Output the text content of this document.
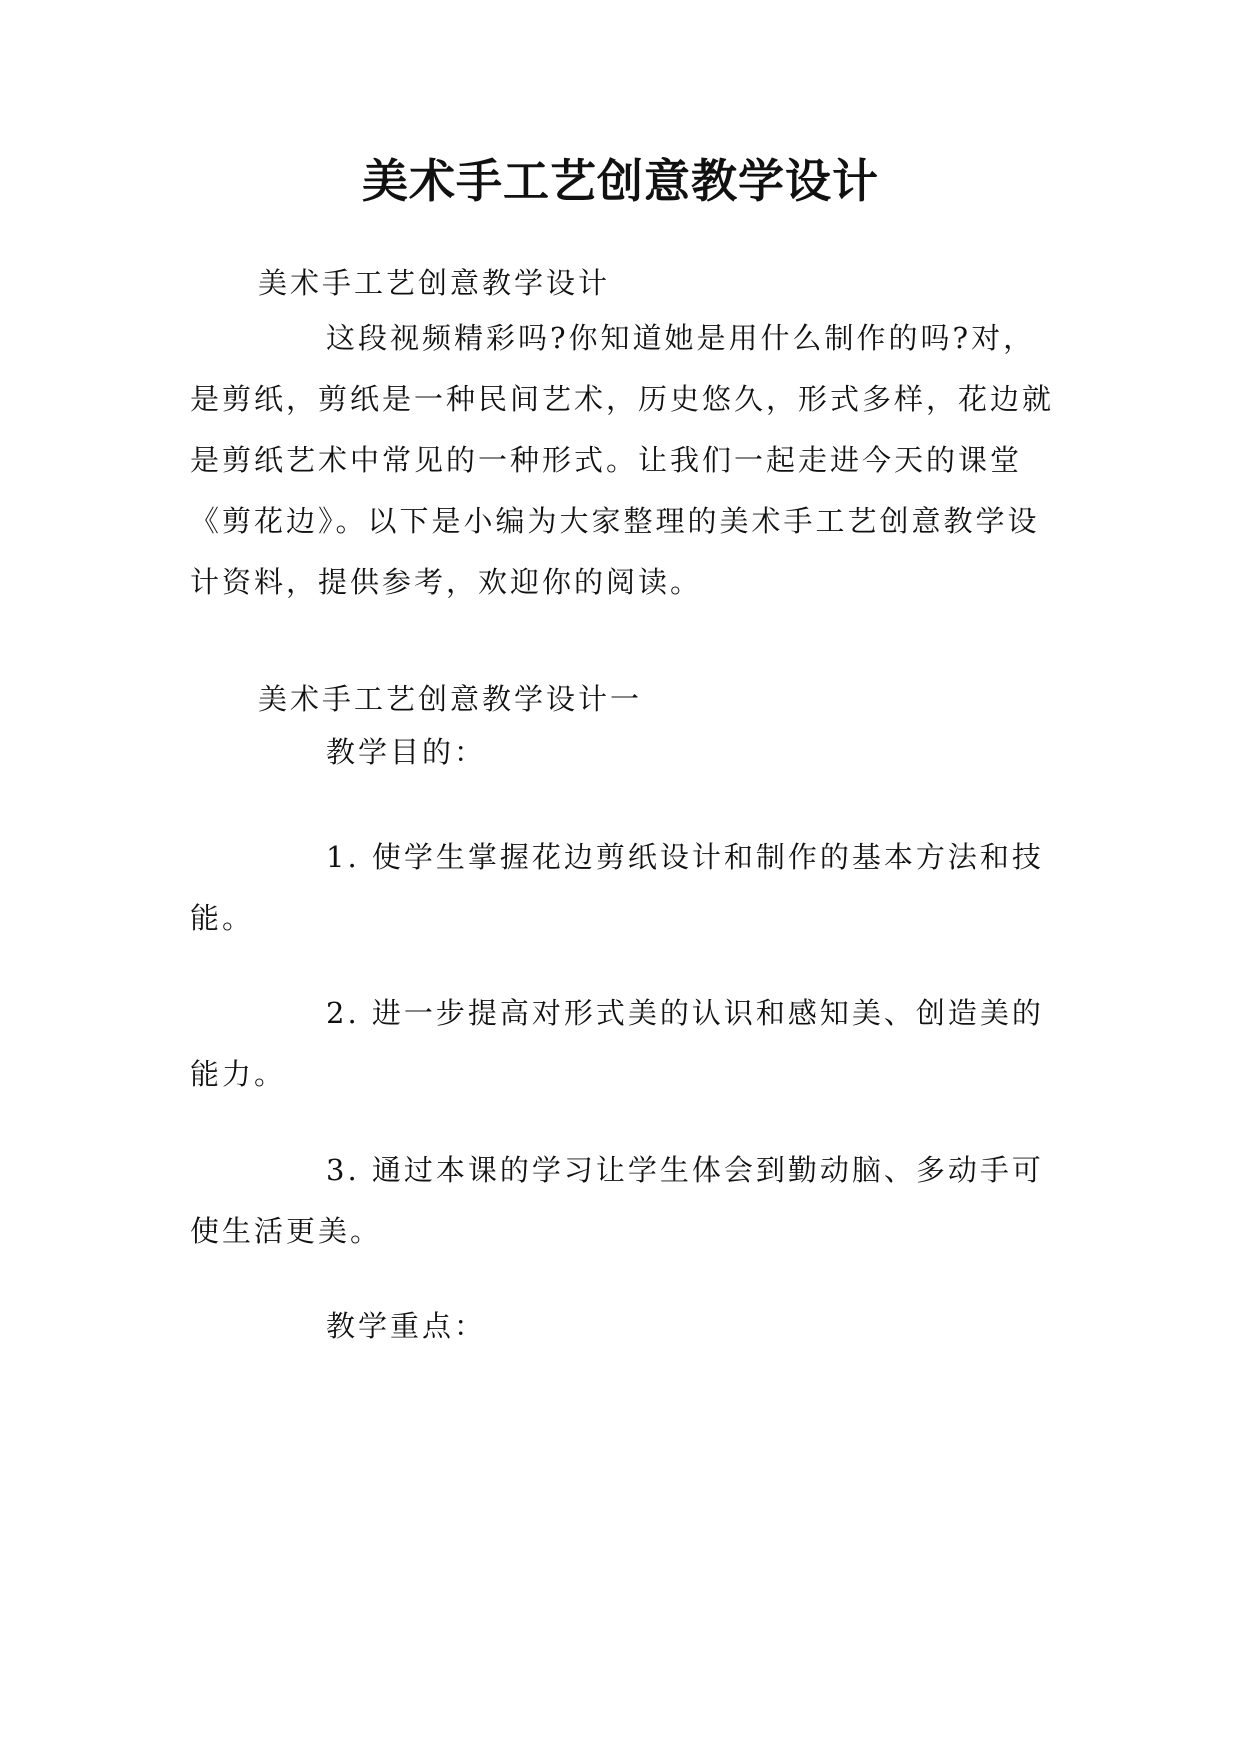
美术手工艺创意教学设计

美术手工艺创意教学设计

这段视频精彩吗?你知道她是用什么制作的吗?对，是剪纸，剪纸是一种民间艺术，历史悠久，形式多样，花边就是剪纸艺术中常见的一种形式。让我们一起走进今天的课堂《剪花边》。以下是小编为大家整理的美术手工艺创意教学设计资料，提供参考，欢迎你的阅读。

美术手工艺创意教学设计一

教学目的：

1. 使学生掌握花边剪纸设计和制作的基本方法和技能。

2. 进一步提高对形式美的认识和感知美、创造美的能力。

3. 通过本课的学习让学生体会到勤动脑、多动手可使生活更美。

教学重点：
